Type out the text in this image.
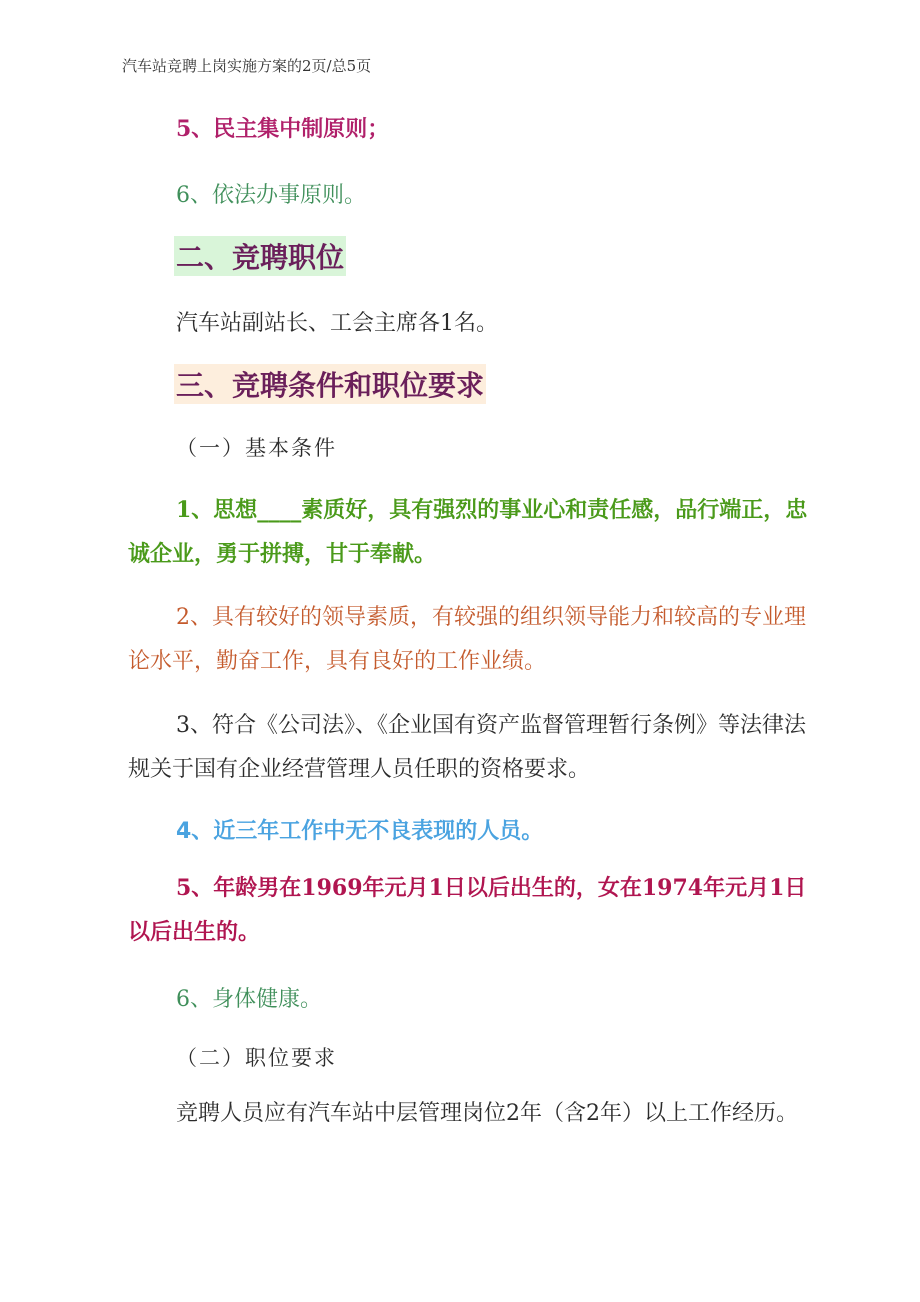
汽车站竞聘上岗实施方案的2页/总5页
5、民主集中制原则；
6、依法办事原则。
二、竞聘职位
汽车站副站长、工会主席各1名。
三、竞聘条件和职位要求
（一）基本条件
1、思想____素质好，具有强烈的事业心和责任感，品行端正，忠诚企业，勇于拼搏，甘于奉献。
2、具有较好的领导素质，有较强的组织领导能力和较高的专业理论水平，勤奋工作，具有良好的工作业绩。
3、符合《公司法》、《企业国有资产监督管理暂行条例》等法律法规关于国有企业经营管理人员任职的资格要求。
4、近三年工作中无不良表现的人员。
5、年龄男在1969年元月1日以后出生的，女在1974年元月1日以后出生的。
6、身体健康。
（二）职位要求
竞聘人员应有汽车站中层管理岗位2年（含2年）以上工作经历。
